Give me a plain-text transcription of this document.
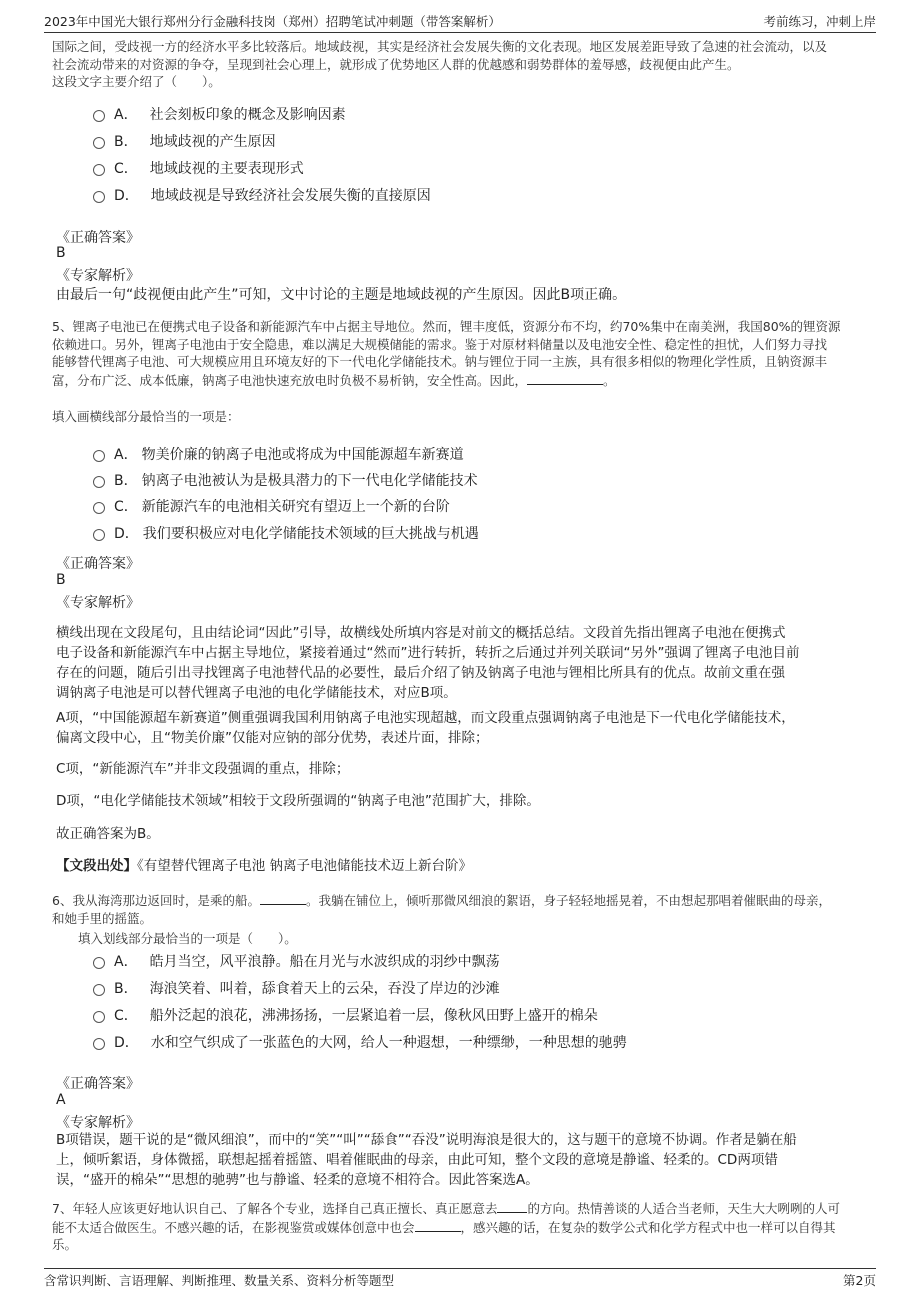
2023年中国光大银行郑州分行金融科技岗（郑州）招聘笔试冲刺题（带答案解析）	考前练习，冲刺上岸
国际之间，受歧视一方的经济水平多比较落后。地域歧视，其实是经济社会发展失衡的文化表现。地区发展差距导致了急速的社会流动，以及
社会流动带来的对资源的争夺，呈现到社会心理上，就形成了优势地区人群的优越感和弱势群体的羞辱感，歧视便由此产生。
这段文字主要介绍了（　　）。
A． 社会刻板印象的概念及影响因素
B． 地域歧视的产生原因
C． 地域歧视的主要表现形式
D． 地域歧视是导致经济社会发展失衡的直接原因
《正确答案》
B
《专家解析》
由最后一句“歧视便由此产生”可知，文中讨论的主题是地域歧视的产生原因。因此B项正确。
5、锂离子电池已在便携式电子设备和新能源汽车中占据主导地位。然而，锂丰度低，资源分布不均，约70%集中在南美洲，我国80%的锂资源
依赖进口。另外，锂离子电池由于安全隐患，难以满足大规模储能的需求。鉴于对原材料储量以及电池安全性、稳定性的担忧，人们努力寻找
能够替代锂离子电池、可大规模应用且环境友好的下一代电化学储能技术。钠与锂位于同一主族，具有很多相似的物理化学性质，且钠资源丰
富，分布广泛、成本低廉，钠离子电池快速充放电时负极不易析钠，安全性高。因此，	。
填入画横线部分最恰当的一项是：
A． 物美价廉的钠离子电池或将成为中国能源超车新赛道
B． 钠离子电池被认为是极具潜力的下一代电化学储能技术
C． 新能源汽车的电池相关研究有望迈上一个新的台阶
D． 我们要积极应对电化学储能技术领域的巨大挑战与机遇
《正确答案》
B
《专家解析》
横线出现在文段尾句，且由结论词“因此”引导，故横线处所填内容是对前文的概括总结。文段首先指出锂离子电池在便携式
电子设备和新能源汽车中占据主导地位，紧接着通过“然而”进行转折，转折之后通过并列关联词“另外”强调了锂离子电池目前
存在的问题，随后引出寻找锂离子电池替代品的必要性，最后介绍了钠及钠离子电池与锂相比所具有的优点。故前文重在强
调钠离子电池是可以替代锂离子电池的电化学储能技术，对应B项。
A项，“中国能源超车新赛道”侧重强调我国利用钠离子电池实现超越，而文段重点强调钠离子电池是下一代电化学储能技术，
偏离文段中心，且“物美价廉”仅能对应钠的部分优势，表述片面，排除；
C项，“新能源汽车”并非文段强调的重点，排除；
D项，“电化学储能技术领域”相较于文段所强调的“钠离子电池”范围扩大，排除。
故正确答案为B。
【文段出处】《有望替代锂离子电池 钠离子电池储能技术迈上新台阶》
6、我从海湾那边返回时，是乘的船。	。我躺在铺位上，倾听那微风细浪的絮语，身子轻轻地摇晃着，不由想起那唱着催眠曲的母亲，
和她手里的摇篮。
填入划线部分最恰当的一项是（　　）。
A． 皓月当空，风平浪静。船在月光与水波织成的羽纱中飘荡
B． 海浪笑着、叫着，舔食着天上的云朵，吞没了岸边的沙滩
C． 船外泛起的浪花，沸沸扬扬，一层紧追着一层，像秋风田野上盛开的棉朵
D． 水和空气织成了一张蓝色的大网，给人一种遐想，一种缥缈，一种思想的驰骋
《正确答案》
A
《专家解析》
B项错误，题干说的是“微风细浪”，而中的“笑”“叫”“舔食”“吞没”说明海浪是很大的，这与题干的意境不协调。作者是躺在船
上，倾听絮语，身体微摇，联想起摇着摇篮、唱着催眠曲的母亲，由此可知，整个文段的意境是静谧、轻柔的。CD两项错
误，“盛开的棉朵”“思想的驰骋”也与静谧、轻柔的意境不相符合。因此答案选A。
7、年轻人应该更好地认识自己、了解各个专业，选择自己真正擅长、真正愿意去 的方向。热情善谈的人适合当老师，天生大大咧咧的人可
能不太适合做医生。不感兴趣的话，在影视鉴赏或媒体创意中也会	，感兴趣的话，在复杂的数学公式和化学方程式中也一样可以自得其
乐。
含常识判断、言语理解、判断推理、数量关系、资料分析等题型	第2页
